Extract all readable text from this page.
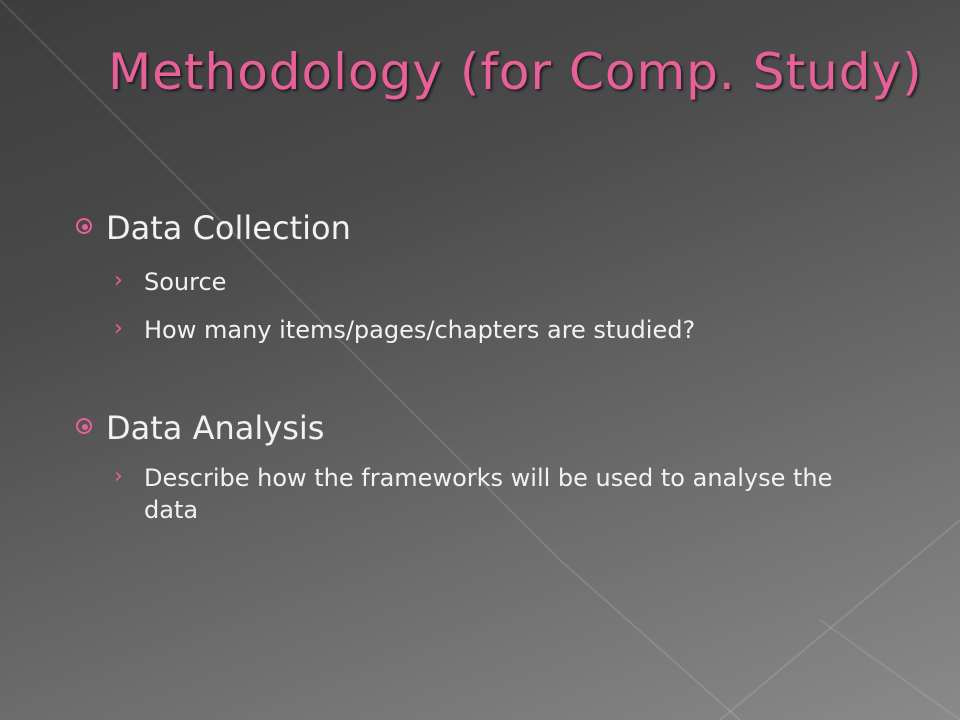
Methodology (for Comp. Study)
Data Collection
› Source
› How many items/pages/chapters are studied?
Data Analysis
› Describe how the frameworks will be used to analyse the data
